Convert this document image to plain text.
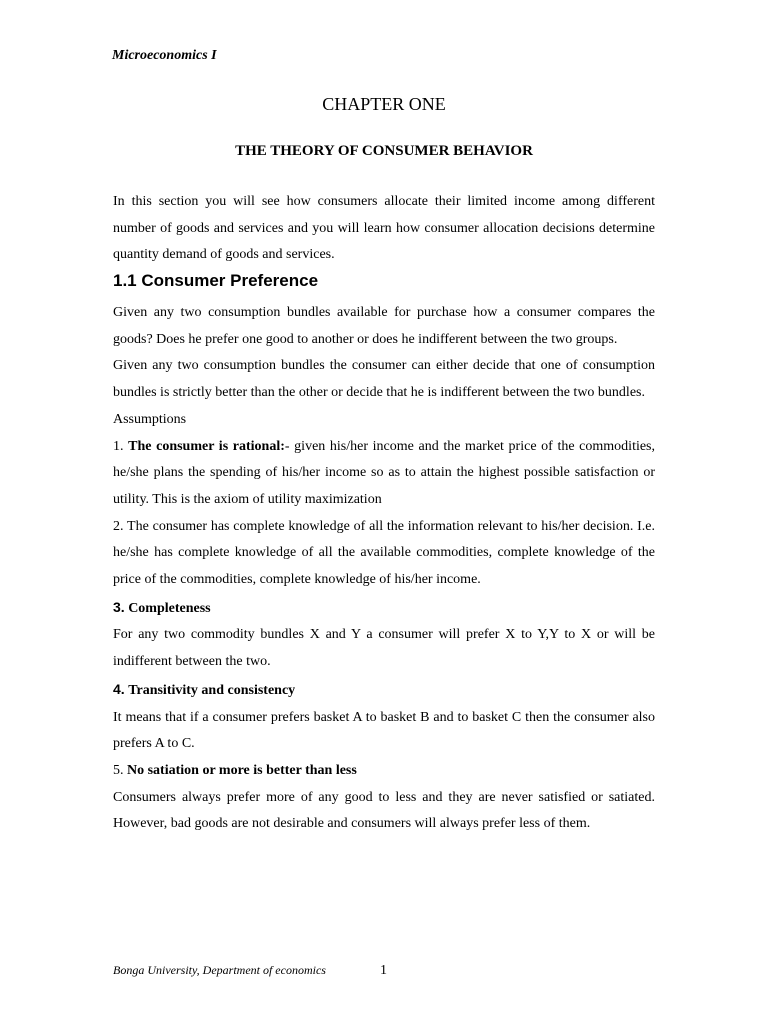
Microeconomics I
CHAPTER ONE
THE THEORY OF CONSUMER BEHAVIOR
In this section you will see how consumers allocate their limited income among different number of goods and services and you will learn how consumer allocation decisions determine quantity demand of goods and services.
1.1 Consumer Preference

Given any two consumption bundles available for purchase how a consumer compares the goods? Does he prefer one good to another or does he indifferent between the two groups.

Given any two consumption bundles the consumer can either decide that one of consumption bundles is strictly better than the other or decide that he is indifferent between the two bundles.

Assumptions

1. The consumer is rational:- given his/her income and the market price of the commodities, he/she plans the spending of his/her income so as to attain the highest possible satisfaction or utility. This is the axiom of utility maximization

2. The consumer has complete knowledge of all the information relevant to his/her decision. I.e. he/she has complete knowledge of all the available commodities, complete knowledge of the price of the commodities, complete knowledge of his/her income.

3. Completeness

For any two commodity bundles X and Y a consumer will prefer X to Y,Y to X or will be indifferent between the two.

4. Transitivity and consistency

It means that if a consumer prefers basket A to basket B and to basket C then the consumer also prefers A to C.

5. No satiation or more is better than less

Consumers always prefer more of any good to less and they are never satisfied or satiated. However, bad goods are not desirable and consumers will always prefer less of them.

Bonga University, Department of economics	1
